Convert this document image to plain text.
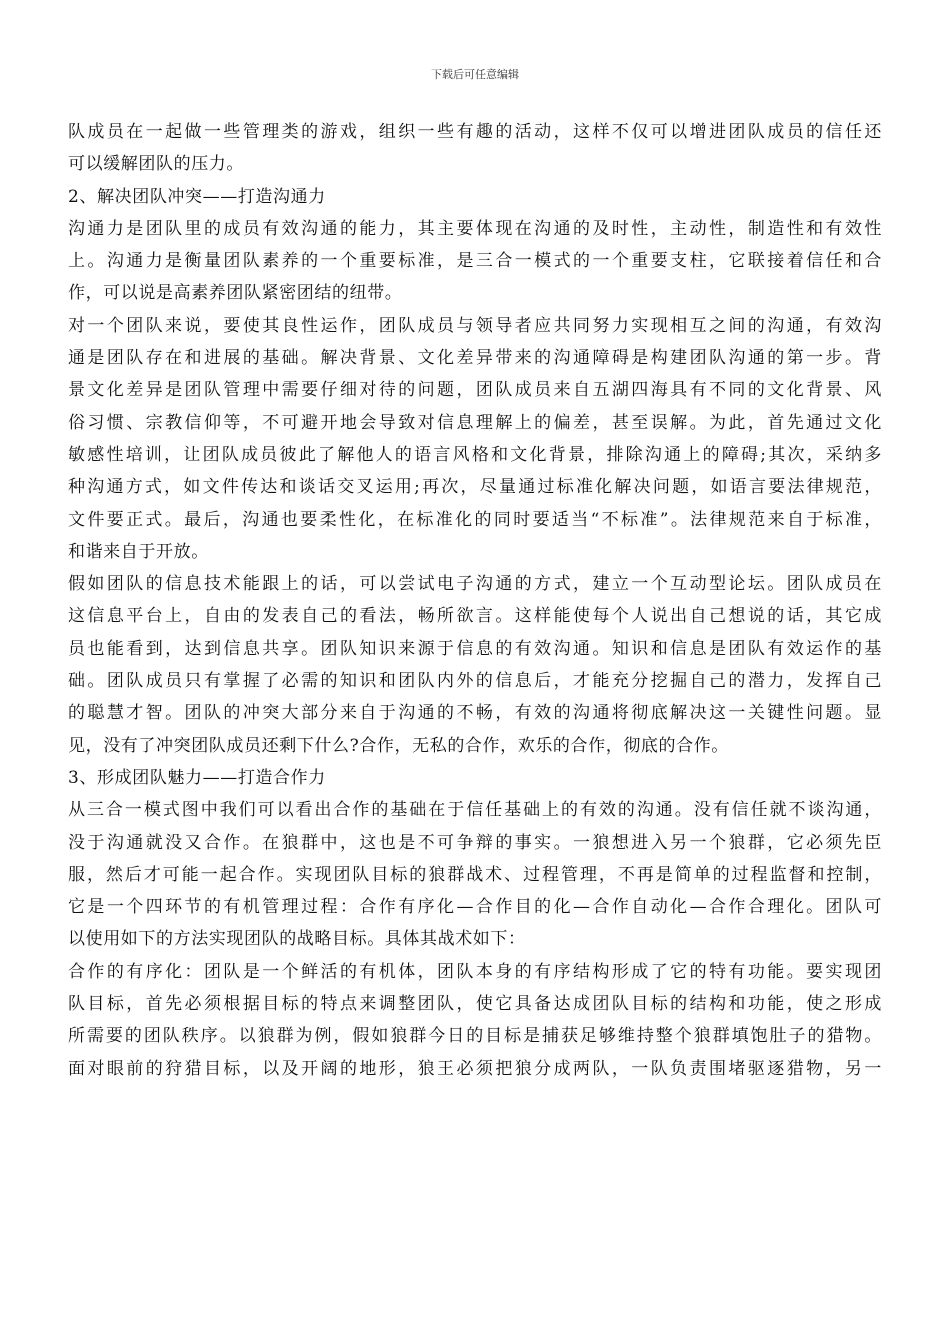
下载后可任意编辑
队成员在一起做一些管理类的游戏，组织一些有趣的活动，这样不仅可以增进团队成员的信任还
可以缓解团队的压力。
2、解决团队冲突——打造沟通力
沟通力是团队里的成员有效沟通的能力，其主要体现在沟通的及时性，主动性，制造性和有效性
上。沟通力是衡量团队素养的一个重要标准，是三合一模式的一个重要支柱，它联接着信任和合
作，可以说是高素养团队紧密团结的纽带。
对一个团队来说，要使其良性运作，团队成员与领导者应共同努力实现相互之间的沟通，有效沟
通是团队存在和进展的基础。解决背景、文化差异带来的沟通障碍是构建团队沟通的第一步。背
景文化差异是团队管理中需要仔细对待的问题，团队成员来自五湖四海具有不同的文化背景、风
俗习惯、宗教信仰等，不可避开地会导致对信息理解上的偏差，甚至误解。为此，首先通过文化
敏感性培训，让团队成员彼此了解他人的语言风格和文化背景，排除沟通上的障碍;其次，采纳多
种沟通方式，如文件传达和谈话交叉运用;再次，尽量通过标准化解决问题，如语言要法律规范，
文件要正式。最后，沟通也要柔性化，在标准化的同时要适当“不标准”。法律规范来自于标准，
和谐来自于开放。
假如团队的信息技术能跟上的话，可以尝试电子沟通的方式，建立一个互动型论坛。团队成员在
这信息平台上，自由的发表自己的看法，畅所欲言。这样能使每个人说出自己想说的话，其它成
员也能看到，达到信息共享。团队知识来源于信息的有效沟通。知识和信息是团队有效运作的基
础。团队成员只有掌握了必需的知识和团队内外的信息后，才能充分挖掘自己的潜力，发挥自己
的聪慧才智。团队的冲突大部分来自于沟通的不畅，有效的沟通将彻底解决这一关键性问题。显
见，没有了冲突团队成员还剩下什么?合作，无私的合作，欢乐的合作，彻底的合作。
3、形成团队魅力——打造合作力
从三合一模式图中我们可以看出合作的基础在于信任基础上的有效的沟通。没有信任就不谈沟通，
没于沟通就没又合作。在狼群中，这也是不可争辩的事实。一狼想进入另一个狼群，它必须先臣
服，然后才可能一起合作。实现团队目标的狼群战术、过程管理，不再是简单的过程监督和控制，
它是一个四环节的有机管理过程：合作有序化—合作目的化—合作自动化—合作合理化。团队可
以使用如下的方法实现团队的战略目标。具体其战术如下：
合作的有序化：团队是一个鲜活的有机体，团队本身的有序结构形成了它的特有功能。要实现团
队目标，首先必须根据目标的特点来调整团队，使它具备达成团队目标的结构和功能，使之形成
所需要的团队秩序。以狼群为例，假如狼群今日的目标是捕获足够维持整个狼群填饱肚子的猎物。
面对眼前的狩猎目标，以及开阔的地形，狼王必须把狼分成两队，一队负责围堵驱逐猎物，另一
